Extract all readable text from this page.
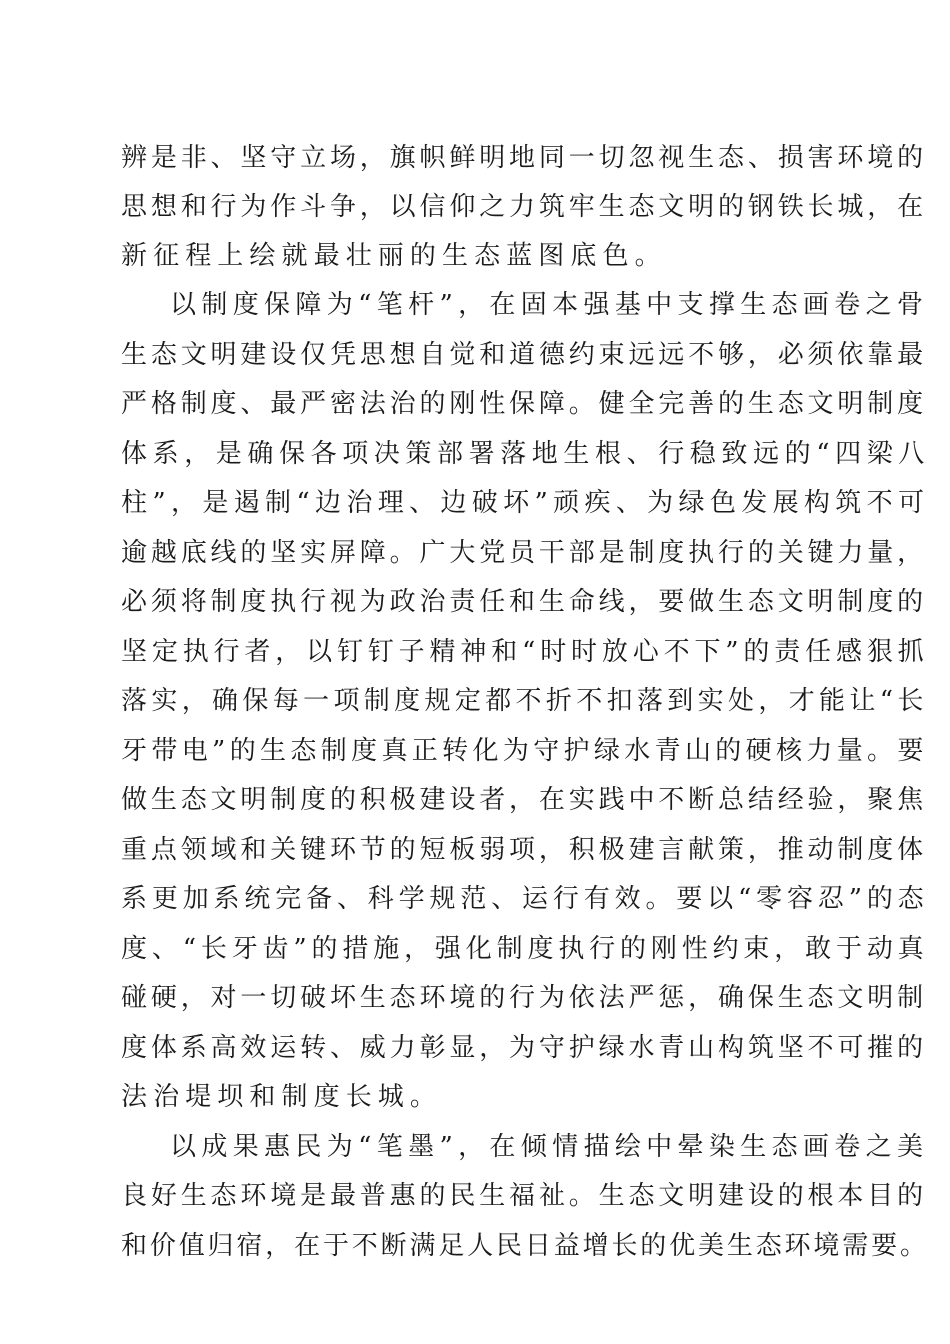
辨是非、坚守立场，旗帜鲜明地同一切忽视生态、损害环境的

思想和行为作斗争，以信仰之力筑牢生态文明的钢铁长城，在

新征程上绘就最壮丽的生态蓝图底色。

以制度保障为“笔杆”，在固本强基中支撑生态画卷之骨

生态文明建设仅凭思想自觉和道德约束远远不够，必须依靠最

严格制度、最严密法治的刚性保障。健全完善的生态文明制度

体系，是确保各项决策部署落地生根、行稳致远的“四梁八

柱”，是遏制“边治理、边破坏”顽疾、为绿色发展构筑不可

逾越底线的坚实屏障。广大党员干部是制度执行的关键力量，

必须将制度执行视为政治责任和生命线，要做生态文明制度的

坚定执行者，以钉钉子精神和“时时放心不下”的责任感狠抓

落实，确保每一项制度规定都不折不扣落到实处，才能让“长

牙带电”的生态制度真正转化为守护绿水青山的硬核力量。要

做生态文明制度的积极建设者，在实践中不断总结经验，聚焦

重点领域和关键环节的短板弱项，积极建言献策，推动制度体

系更加系统完备、科学规范、运行有效。要以“零容忍”的态

度、“长牙齿”的措施，强化制度执行的刚性约束，敢于动真

碰硬，对一切破坏生态环境的行为依法严惩，确保生态文明制

度体系高效运转、威力彰显，为守护绿水青山构筑坚不可摧的

法治堤坝和制度长城。

以成果惠民为“笔墨”，在倾情描绘中晕染生态画卷之美

良好生态环境是最普惠的民生福祉。生态文明建设的根本目的

和价值归宿，在于不断满足人民日益增长的优美生态环境需要。
